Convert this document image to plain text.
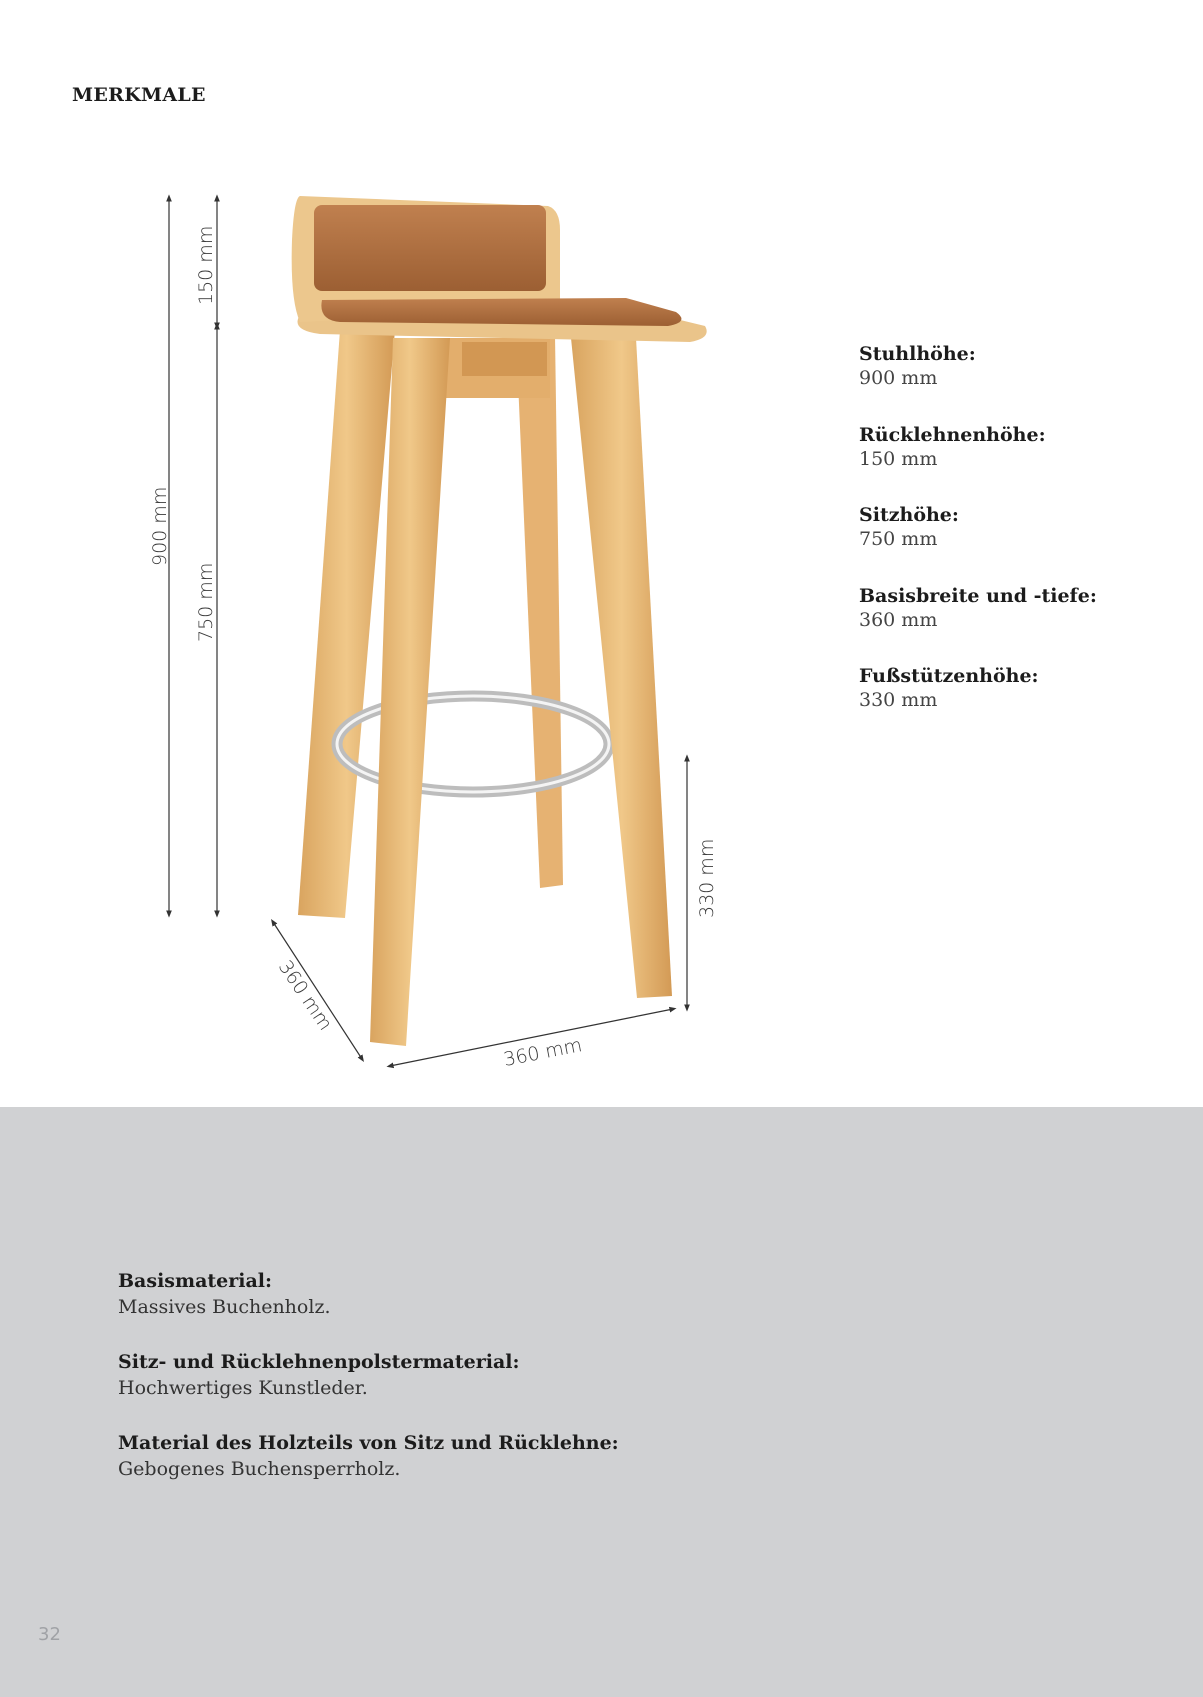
MERKMALE
900 mm
150 mm
750 mm
330 mm
360 mm
360 mm
Stuhlhöhe:
900 mm
Rücklehnenhöhe:
150 mm
Sitzhöhe:
750 mm
Basisbreite und -tiefe:
360 mm
Fußstützenhöhe:
330 mm
Basismaterial:
Massives Buchenholz.
Sitz- und Rücklehnenpolstermaterial:
Hochwertiges Kunstleder.
Material des Holzteils von Sitz und Rücklehne:
Gebogenes Buchensperrholz.
32
